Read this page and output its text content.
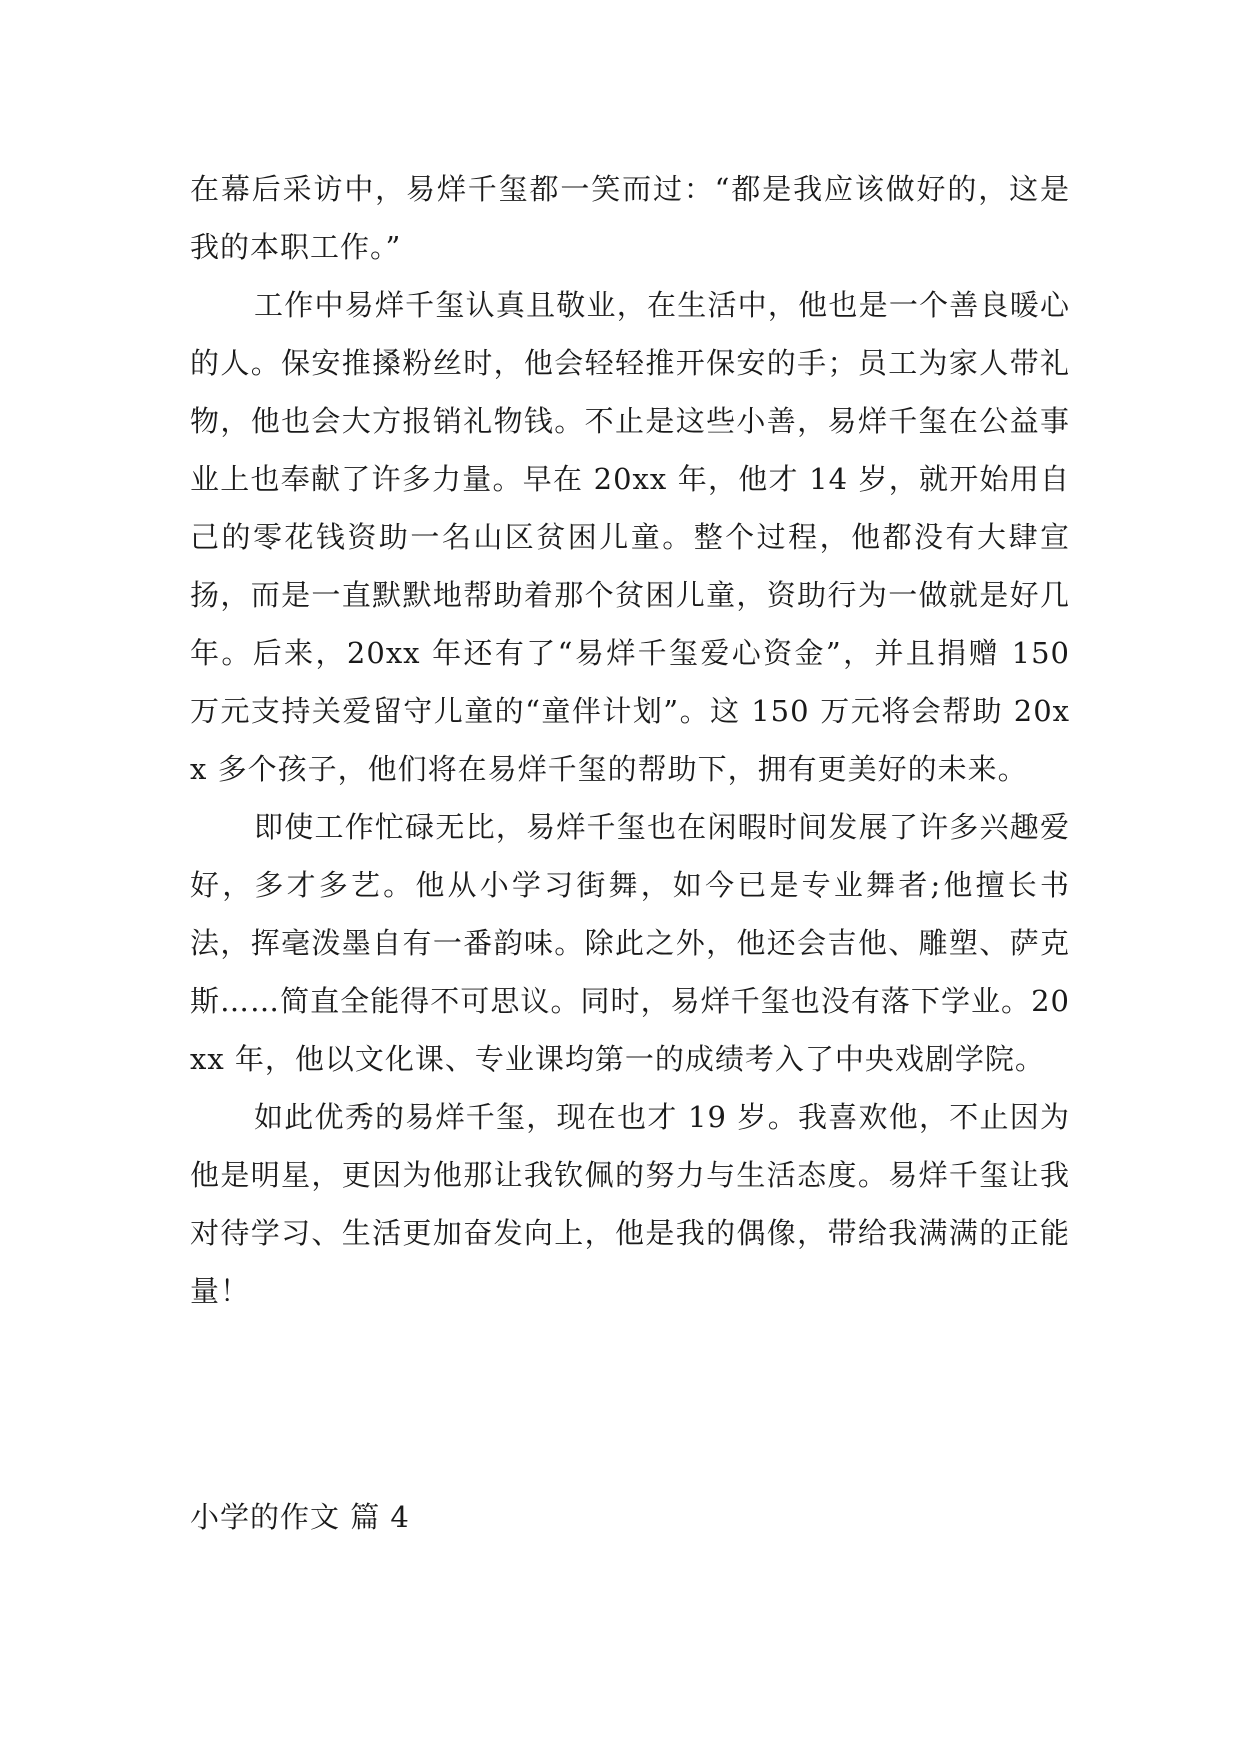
在幕后采访中，易烊千玺都一笑而过：“都是我应该做好的，这是我的本职工作。”

工作中易烊千玺认真且敬业，在生活中，他也是一个善良暖心的人。保安推搡粉丝时，他会轻轻推开保安的手；员工为家人带礼物，他也会大方报销礼物钱。不止是这些小善，易烊千玺在公益事业上也奉献了许多力量。早在 20xx 年，他才 14 岁，就开始用自己的零花钱资助一名山区贫困儿童。整个过程，他都没有大肆宣扬，而是一直默默地帮助着那个贫困儿童，资助行为一做就是好几年。后来，20xx 年还有了“易烊千玺爱心资金”，并且捐赠 150 万元支持关爱留守儿童的“童伴计划”。这 150 万元将会帮助 20xx 多个孩子，他们将在易烊千玺的帮助下，拥有更美好的未来。

即使工作忙碌无比，易烊千玺也在闲暇时间发展了许多兴趣爱好，多才多艺。他从小学习街舞，如今已是专业舞者;他擅长书法，挥毫泼墨自有一番韵味。除此之外，他还会吉他、雕塑、萨克斯……简直全能得不可思议。同时，易烊千玺也没有落下学业。20xx 年，他以文化课、专业课均第一的成绩考入了中央戏剧学院。

如此优秀的易烊千玺，现在也才 19 岁。我喜欢他，不止因为他是明星，更因为他那让我钦佩的努力与生活态度。易烊千玺让我对待学习、生活更加奋发向上，他是我的偶像，带给我满满的正能量！

小学的作文 篇 4
